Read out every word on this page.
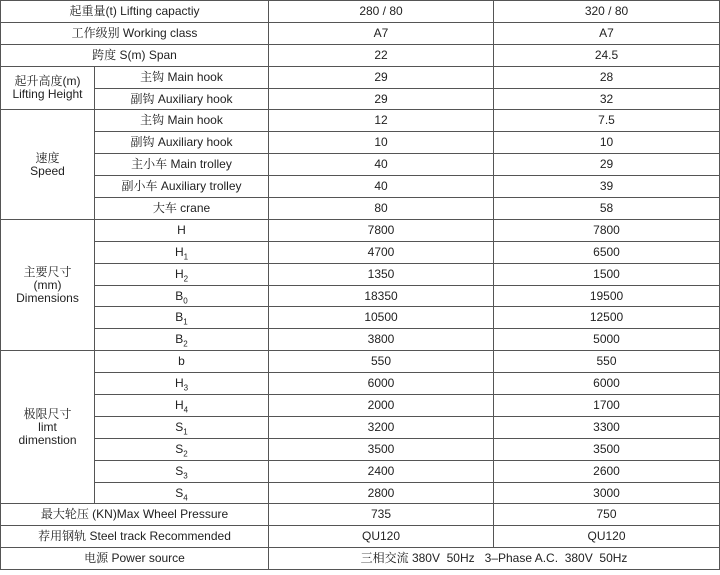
起重量(t) Lifting capactiy		280 / 80	320 / 80
工作级别 Working class		A7	A7
跨度 S(m) Span		22	24.5
起升高度(m)
Lifting Height	主钩 Main hook	29	28
	副钩 Auxiliary hook	29	32
速度
Speed	主钩 Main hook	12	7.5
	副钩 Auxiliary hook	10	10
	主小车 Main trolley	40	29
	副小车 Auxiliary trolley	40	39
	大车 crane	80	58
主要尺寸
(mm)
Dimensions	H	7800	7800
	$H_1$	4700	6500
	$H_2$	1350	1500
	$B_0$	18350	19500
	$B_1$	10500	12500
	$B_2$	3800	5000
极限尺寸
limt
dimenstion	b	550	550
	$H_3$	6000	6000
	$H_4$	2000	1700
	$S_1$	3200	3300
	$S_2$	3500	3500
	$S_3$	2400	2600
	$S_4$	2800	3000
最大轮压 (KN)Max Wheel Pressure		735	750
荐用钢轨 Steel track Recommended		QU120	QU120
电源 Power source		三相交流 380V  50Hz   3–Phase A.C.  380V  50Hz	
